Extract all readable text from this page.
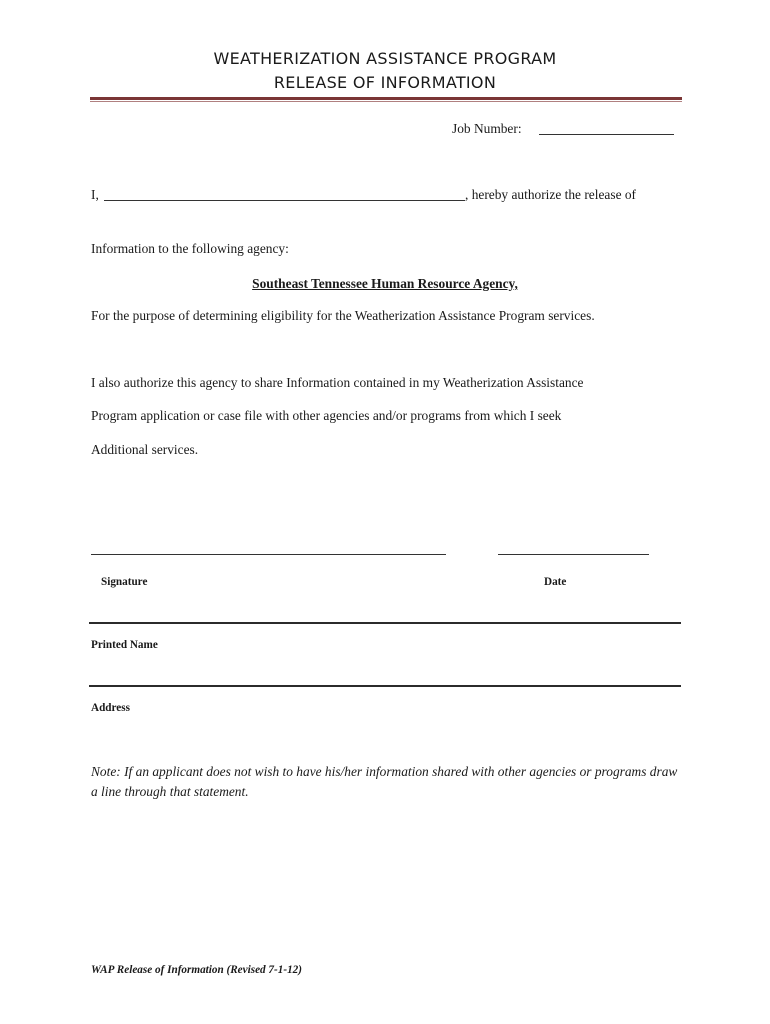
WEATHERIZATION ASSISTANCE PROGRAM
RELEASE OF INFORMATION
Job Number:
I,	, hereby authorize the release of
Information to the following agency:
Southeast Tennessee Human Resource Agency,
For the purpose of determining eligibility for the Weatherization Assistance Program services.
I also authorize this agency to share Information contained in my Weatherization Assistance
Program application or case file with other agencies and/or programs from which I seek
Additional services.
Signature	Date
Printed Name
Address
Note: If an applicant does not wish to have his/her information shared with other agencies or programs draw a line through that statement.
WAP Release of Information (Revised 7-1-12)
